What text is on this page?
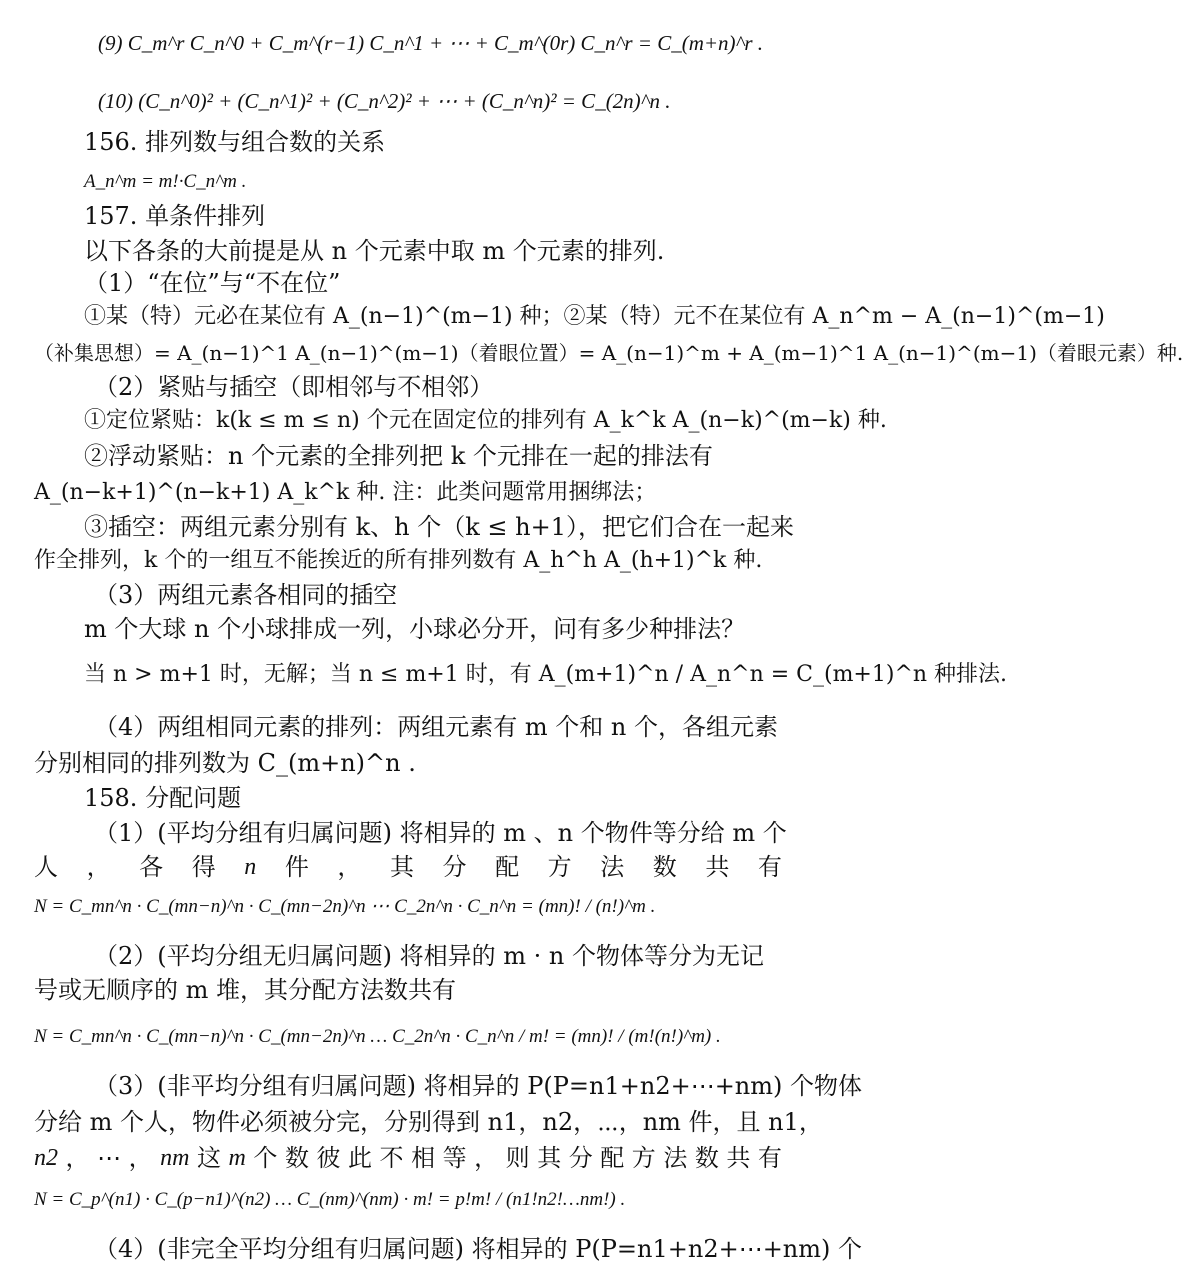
(9) C_m^r C_n^0 + C_m^(r−1) C_n^1 + ⋯ + C_m^(0r) C_n^r = C_(m+n)^r .
(10) (C_n^0)² + (C_n^1)² + (C_n^2)² + ⋯ + (C_n^n)² = C_(2n)^n .
156. 排列数与组合数的关系
A_n^m = m!·C_n^m .
157. 单条件排列
以下各条的大前提是从 n 个元素中取 m 个元素的排列.
（1）“在位”与“不在位”
①某（特）元必在某位有 A_(n−1)^(m−1) 种；②某（特）元不在某位有 A_n^m − A_(n−1)^(m−1)
（补集思想）= A_(n−1)^1 A_(n−1)^(m−1)（着眼位置）= A_(n−1)^m + A_(m−1)^1 A_(n−1)^(m−1)（着眼元素）种.
（2）紧贴与插空（即相邻与不相邻）
①定位紧贴：k(k ≤ m ≤ n) 个元在固定位的排列有 A_k^k A_(n−k)^(m−k) 种.
②浮动紧贴：n 个元素的全排列把 k 个元排在一起的排法有
A_(n−k+1)^(n−k+1) A_k^k 种. 注：此类问题常用捆绑法；
③插空：两组元素分别有 k、h 个（k ≤ h+1），把它们合在一起来
作全排列，k 个的一组互不能挨近的所有排列数有 A_h^h A_(h+1)^k 种.
（3）两组元素各相同的插空
m 个大球 n 个小球排成一列，小球必分开，问有多少种排法？
当 n > m+1 时，无解；当 n ≤ m+1 时，有 A_(m+1)^n / A_n^n = C_(m+1)^n 种排法.
（4）两组相同元素的排列：两组元素有 m 个和 n 个，各组元素
分别相同的排列数为 C_(m+n)^n .
158. 分配问题
（1）(平均分组有归属问题) 将相异的 m 、n 个物件等分给 m 个
人 ， 各 得 n 件 ， 其 分 配 方 法 数 共 有
N = C_mn^n · C_(mn−n)^n · C_(mn−2n)^n ⋯ C_2n^n · C_n^n = (mn)! / (n!)^m .
（2）(平均分组无归属问题) 将相异的 m · n 个物体等分为无记
号或无顺序的 m 堆，其分配方法数共有
N = C_mn^n · C_(mn−n)^n · C_(mn−2n)^n … C_2n^n · C_n^n / m! = (mn)! / (m!(n!)^m) .
（3）(非平均分组有归属问题) 将相异的 P(P=n1+n2+⋯+nm) 个物体
分给 m 个人，物件必须被分完，分别得到 n1，n2，⋯，nm 件，且 n1，
n2 ， ⋯ ， nm 这 m 个 数 彼 此 不 相 等 ， 则 其 分 配 方 法 数 共 有
N = C_p^(n1) · C_(p−n1)^(n2) … C_(nm)^(nm) · m! = p!m! / (n1!n2!…nm!) .
（4）(非完全平均分组有归属问题) 将相异的 P(P=n1+n2+⋯+nm) 个
